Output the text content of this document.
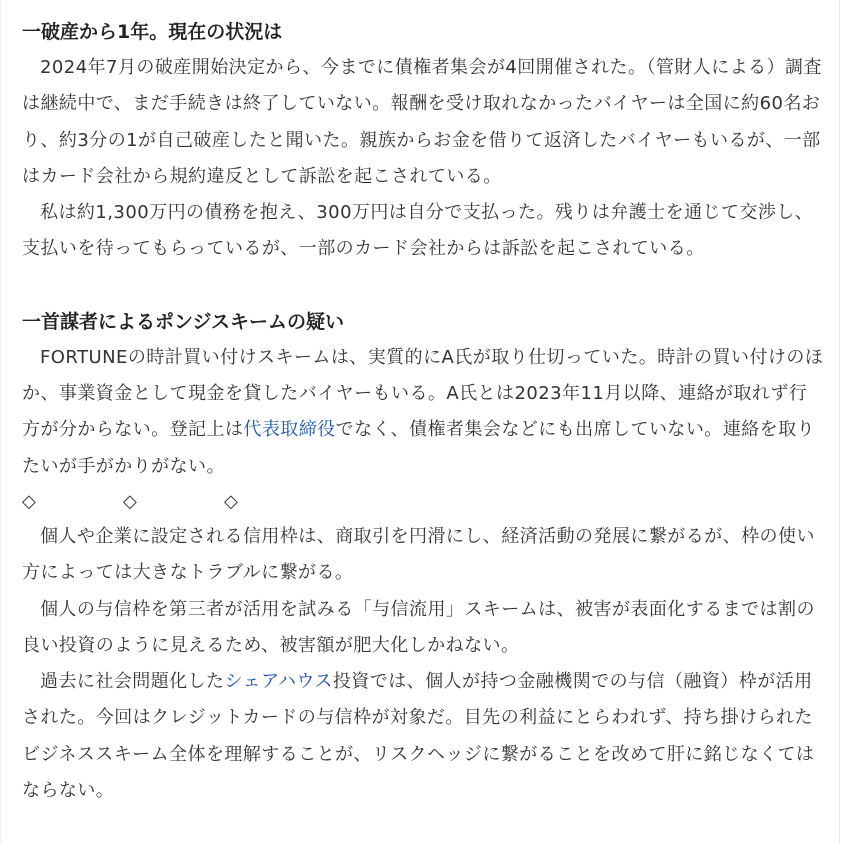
一破産から1年。現在の状況は

2024年7月の破産開始決定から、今までに債権者集会が4回開催された。（管財人による）調査は継続中で、まだ手続きは終了していない。報酬を受け取れなかったバイヤーは全国に約60名おり、約3分の1が自己破産したと聞いた。親族からお金を借りて返済したバイヤーもいるが、一部はカード会社から規約違反として訴訟を起こされている。

私は約1,300万円の債務を抱え、300万円は自分で支払った。残りは弁護士を通じて交渉し、支払いを待ってもらっているが、一部のカード会社からは訴訟を起こされている。

一首謀者によるポンジスキームの疑い

FORTUNEの時計買い付けスキームは、実質的にA氏が取り仕切っていた。時計の買い付けのほか、事業資金として現金を貸したバイヤーもいる。A氏とは2023年11月以降、連絡が取れず行方が分からない。登記上は代表取締役でなく、債権者集会などにも出席していない。連絡を取りたいが手がかりがない。

◇	◇	◇

個人や企業に設定される信用枠は、商取引を円滑にし、経済活動の発展に繋がるが、枠の使い方によっては大きなトラブルに繋がる。

個人の与信枠を第三者が活用を試みる「与信流用」スキームは、被害が表面化するまでは割の良い投資のように見えるため、被害額が肥大化しかねない。

過去に社会問題化したシェアハウス投資では、個人が持つ金融機関での与信（融資）枠が活用された。今回はクレジットカードの与信枠が対象だ。目先の利益にとらわれず、持ち掛けられたビジネススキーム全体を理解することが、リスクヘッジに繋がることを改めて肝に銘じなくてはならない。
